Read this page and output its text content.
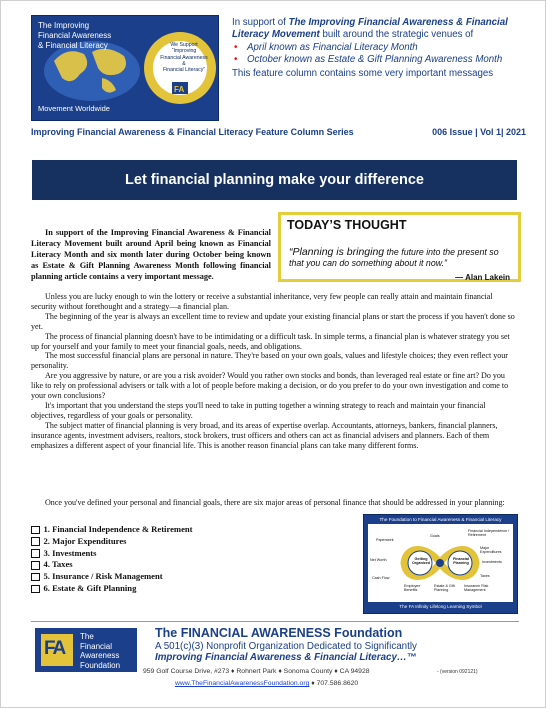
The Improving
Financial Awareness
& Financial Literacy
Movement Worldwide
FA
We Support
“Improving
Financial Awareness
&
Financial Literacy”
In support of The Improving Financial Awareness & Financial Literacy Movement built around the strategic venues of
• April known as Financial Literacy Month
• October known as Estate & Gift Planning Awareness Month
This feature column contains some very important messages
Improving Financial Awareness & Financial Literacy Feature Column Series	006 Issue | Vol 1| 2021
Let financial planning make your difference
In support of the Improving Financial Awareness & Financial Literacy Movement built around April being known as Financial Literacy Month and six month later during October being known as Estate & Gift Planning Awareness Month following financial planning article contains a very important message.
TODAY’S THOUGHT
“Planning is bringing the future into the present so that you can do something about it now.”
— Alan Lakein

Unless you are lucky enough to win the lottery or receive a substantial inheritance, very few people can really attain and maintain financial security without forethought and a strategy—a financial plan.

The beginning of the year is always an excellent time to review and update your existing financial plans or start the process if you haven't done so yet.

The process of financial planning doesn't have to be intimidating or a difficult task. In simple terms, a financial plan is whatever strategy you set up for yourself and your family to meet your financial goals, needs, and obligations.

The most successful financial plans are personal in nature. They're based on your own goals, values and lifestyle choices; they even reflect your personality.

Are you aggressive by nature, or are you a risk avoider? Would you rather own stocks and bonds, than leveraged real estate or fine art? Do you like to rely on professional advisers or talk with a lot of people before making a decision, or do you prefer to do your own investigation and come to your own conclusions?

It's important that you understand the steps you'll need to take in putting together a winning strategy to reach and maintain your financial objectives, regardless of your goals or personality.

The subject matter of financial planning is very broad, and its areas of expertise overlap. Accountants, attorneys, bankers, financial planners, insurance agents, investment advisers, realtors, stock brokers, trust officers and others can act as financial advisers and planners. Each of them emphasizes a different aspect of your financial life. This is another reason financial plans can take many different forms.

Once you've defined your personal and financial goals, there are six major areas of personal finance that should be addressed in your planning:

1. Financial Independence & Retirement
2. Major Expenditures
3. Investments
4. Taxes
5. Insurance / Risk Management
6. Estate & Gift Planning
The Foundation to Financial Awareness & Financial Literacy
Getting Organized
Financial Planning
Goals
Financial Independence / Retirement
Major Expenditures
Investments
Taxes
Insurance Risk Management
Estate & Gift Planning
Employee Benefits
Cash Flow
Net Worth
Paperwork
The FA Infinity Lifelong Learning Symbol
FA
The
Financial
Awareness
Foundation
The FINANCIAL AWARENESS Foundation
A 501(c)(3) Nonprofit Organization Dedicated to Significantly
Improving Financial Awareness & Financial Literacy…™
959 Golf Course Drive, #273 ♦ Rohnert Park ♦ Sonoma County ♦ CA 94928	- (version 092121)
www.TheFinancialAwarenessFoundation.org ♦ 707.586.8620
